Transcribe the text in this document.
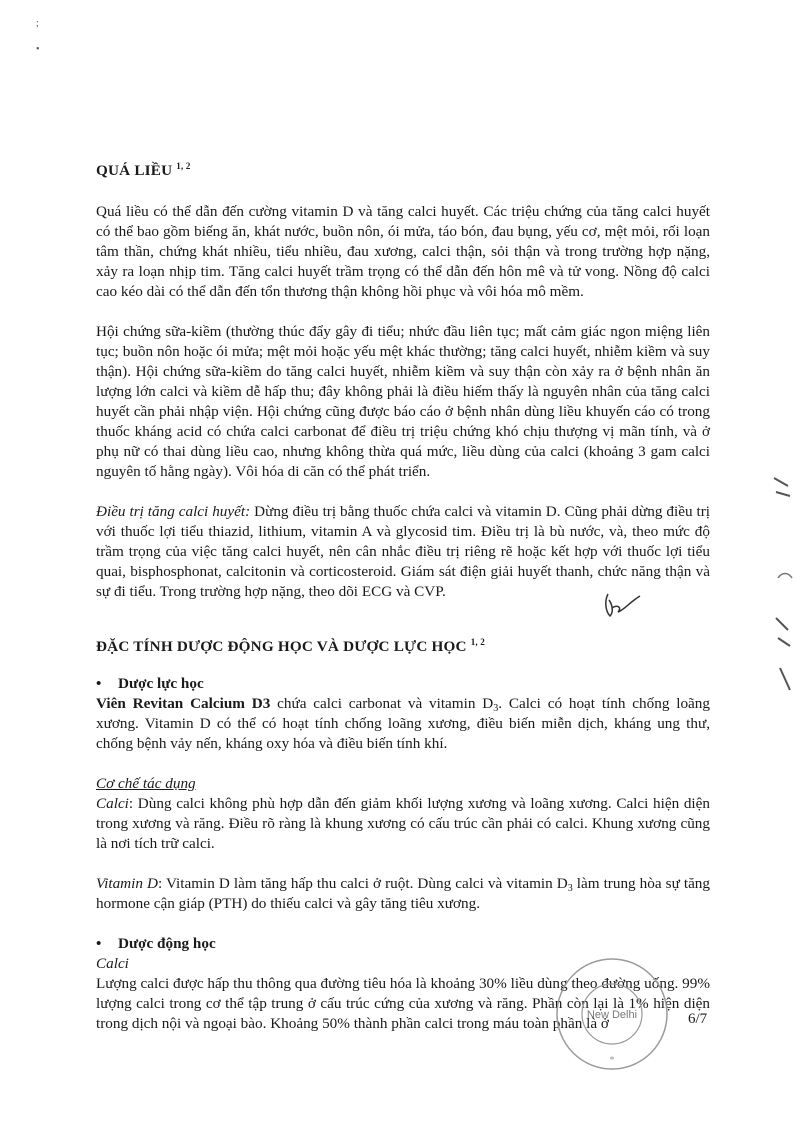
;
•
QUÁ LIỀU $^{1, 2}$

Quá liều có thể dẫn đến cường vitamin D và tăng calci huyết. Các triệu chứng của tăng calci huyết có thể bao gồm biếng ăn, khát nước, buồn nôn, ói mửa, táo bón, đau bụng, yếu cơ, mệt mỏi, rối loạn tâm thần, chứng khát nhiều, tiểu nhiều, đau xương, calci thận, sỏi thận và trong trường hợp nặng, xảy ra loạn nhịp tim. Tăng calci huyết trầm trọng có thể dẫn đến hôn mê và tử vong. Nồng độ calci cao kéo dài có thể dẫn đến tổn thương thận không hồi phục và vôi hóa mô mềm.

Hội chứng sữa-kiềm (thường thúc đẩy gây đi tiểu; nhức đầu liên tục; mất cảm giác ngon miệng liên tục; buồn nôn hoặc ói mửa; mệt mỏi hoặc yếu mệt khác thường; tăng calci huyết, nhiễm kiềm và suy thận). Hội chứng sữa-kiềm do tăng calci huyết, nhiễm kiềm và suy thận còn xảy ra ở bệnh nhân ăn lượng lớn calci và kiềm dễ hấp thu; đây không phải là điều hiếm thấy là nguyên nhân của tăng calci huyết cần phải nhập viện. Hội chứng cũng được báo cáo ở bệnh nhân dùng liều khuyến cáo có trong thuốc kháng acid có chứa calci carbonat để điều trị triệu chứng khó chịu thượng vị mãn tính, và ở phụ nữ có thai dùng liều cao, nhưng không thừa quá mức, liều dùng của calci (khoảng 3 gam calci nguyên tố hằng ngày). Vôi hóa di căn có thể phát triển.

Điều trị tăng calci huyết: Dừng điều trị bằng thuốc chứa calci và vitamin D. Cũng phải dừng điều trị với thuốc lợi tiểu thiazid, lithium, vitamin A và glycosid tim. Điều trị là bù nước, và, theo mức độ trầm trọng của việc tăng calci huyết, nên cân nhắc điều trị riêng rẽ hoặc kết hợp với thuốc lợi tiểu quai, bisphosphonat, calcitonin và corticosteroid. Giám sát điện giải huyết thanh, chức năng thận và sự đi tiểu. Trong trường hợp nặng, theo dõi ECG và CVP.

ĐẶC TÍNH DƯỢC ĐỘNG HỌC VÀ DƯỢC LỰC HỌC $^{1, 2}$
• Dược lực học

Viên Revitan Calcium D3 chứa calci carbonat và vitamin $D_3$. Calci có hoạt tính chống loãng xương. Vitamin D có thể có hoạt tính chống loãng xương, điều biến miễn dịch, kháng ung thư, chống bệnh vảy nến, kháng oxy hóa và điều biến tính khí.

Cơ chế tác dụng

Calci: Dùng calci không phù hợp dẫn đến giảm khối lượng xương và loãng xương. Calci hiện diện trong xương và răng. Điều rõ ràng là khung xương có cấu trúc cần phải có calci. Khung xương cũng là nơi tích trữ calci.

Vitamin D: Vitamin D làm tăng hấp thu calci ở ruột. Dùng calci và vitamin $D_3$ làm trung hòa sự tăng hormone cận giáp (PTH) do thiếu calci và gây tăng tiêu xương.

• Dược động học

Calci

Lượng calci được hấp thu thông qua đường tiêu hóa là khoảng 30% liều dùng theo đường uống. 99% lượng calci trong cơ thể tập trung ở cấu trúc cứng của xương và răng. Phần còn lại là 1% hiện diện trong dịch nội và ngoại bào. Khoảng 50% thành phần calci trong máu toàn phần là ở

New Delhi
*
6/7
